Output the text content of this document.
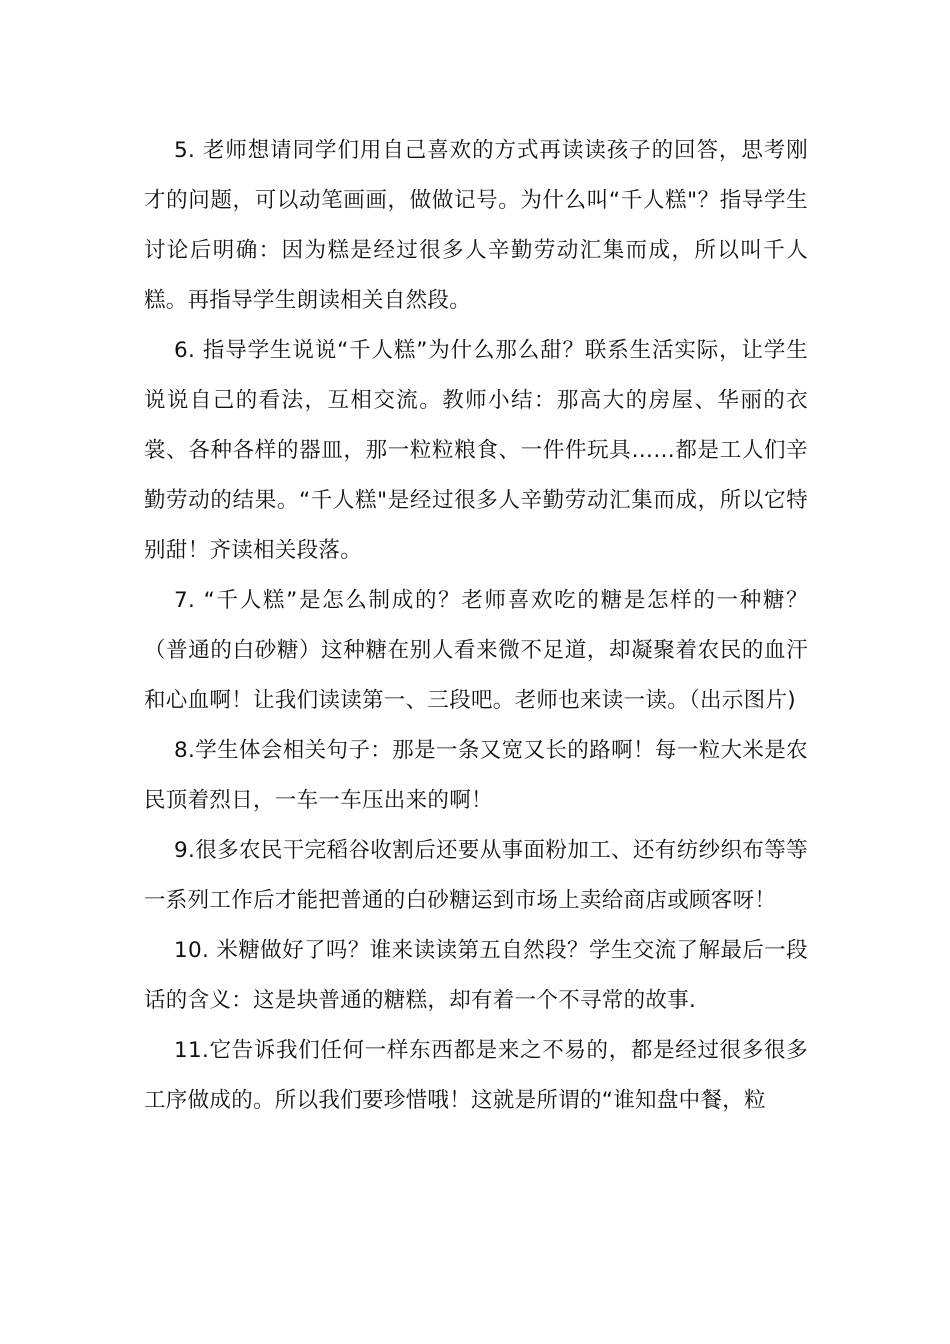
5. 老师想请同学们用自己喜欢的方式再读读孩子的回答，思考刚才的问题，可以动笔画画，做做记号。为什么叫“千人糕"？指导学生讨论后明确：因为糕是经过很多人辛勤劳动汇集而成，所以叫千人糕。再指导学生朗读相关自然段。

6. 指导学生说说“千人糕”为什么那么甜？联系生活实际，让学生说说自己的看法，互相交流。教师小结：那高大的房屋、华丽的衣裳、各种各样的器皿，那一粒粒粮食、一件件玩具……都是工人们辛勤劳动的结果。“千人糕"是经过很多人辛勤劳动汇集而成，所以它特别甜！齐读相关段落。

7. “千人糕”是怎么制成的？老师喜欢吃的糖是怎样的一种糖？（普通的白砂糖）这种糖在别人看来微不足道，却凝聚着农民的血汗和心血啊！让我们读读第一、三段吧。老师也来读一读。（出示图片)

8.学生体会相关句子：那是一条又宽又长的路啊！每一粒大米是农民顶着烈日，一车一车压出来的啊！

9.很多农民干完稻谷收割后还要从事面粉加工、还有纺纱织布等等一系列工作后才能把普通的白砂糖运到市场上卖给商店或顾客呀！

10. 米糖做好了吗？谁来读读第五自然段？学生交流了解最后一段话的含义：这是块普通的糖糕，却有着一个不寻常的故事.

11.它告诉我们任何一样东西都是来之不易的，都是经过很多很多工序做成的。所以我们要珍惜哦！这就是所谓的“谁知盘中餐，粒
